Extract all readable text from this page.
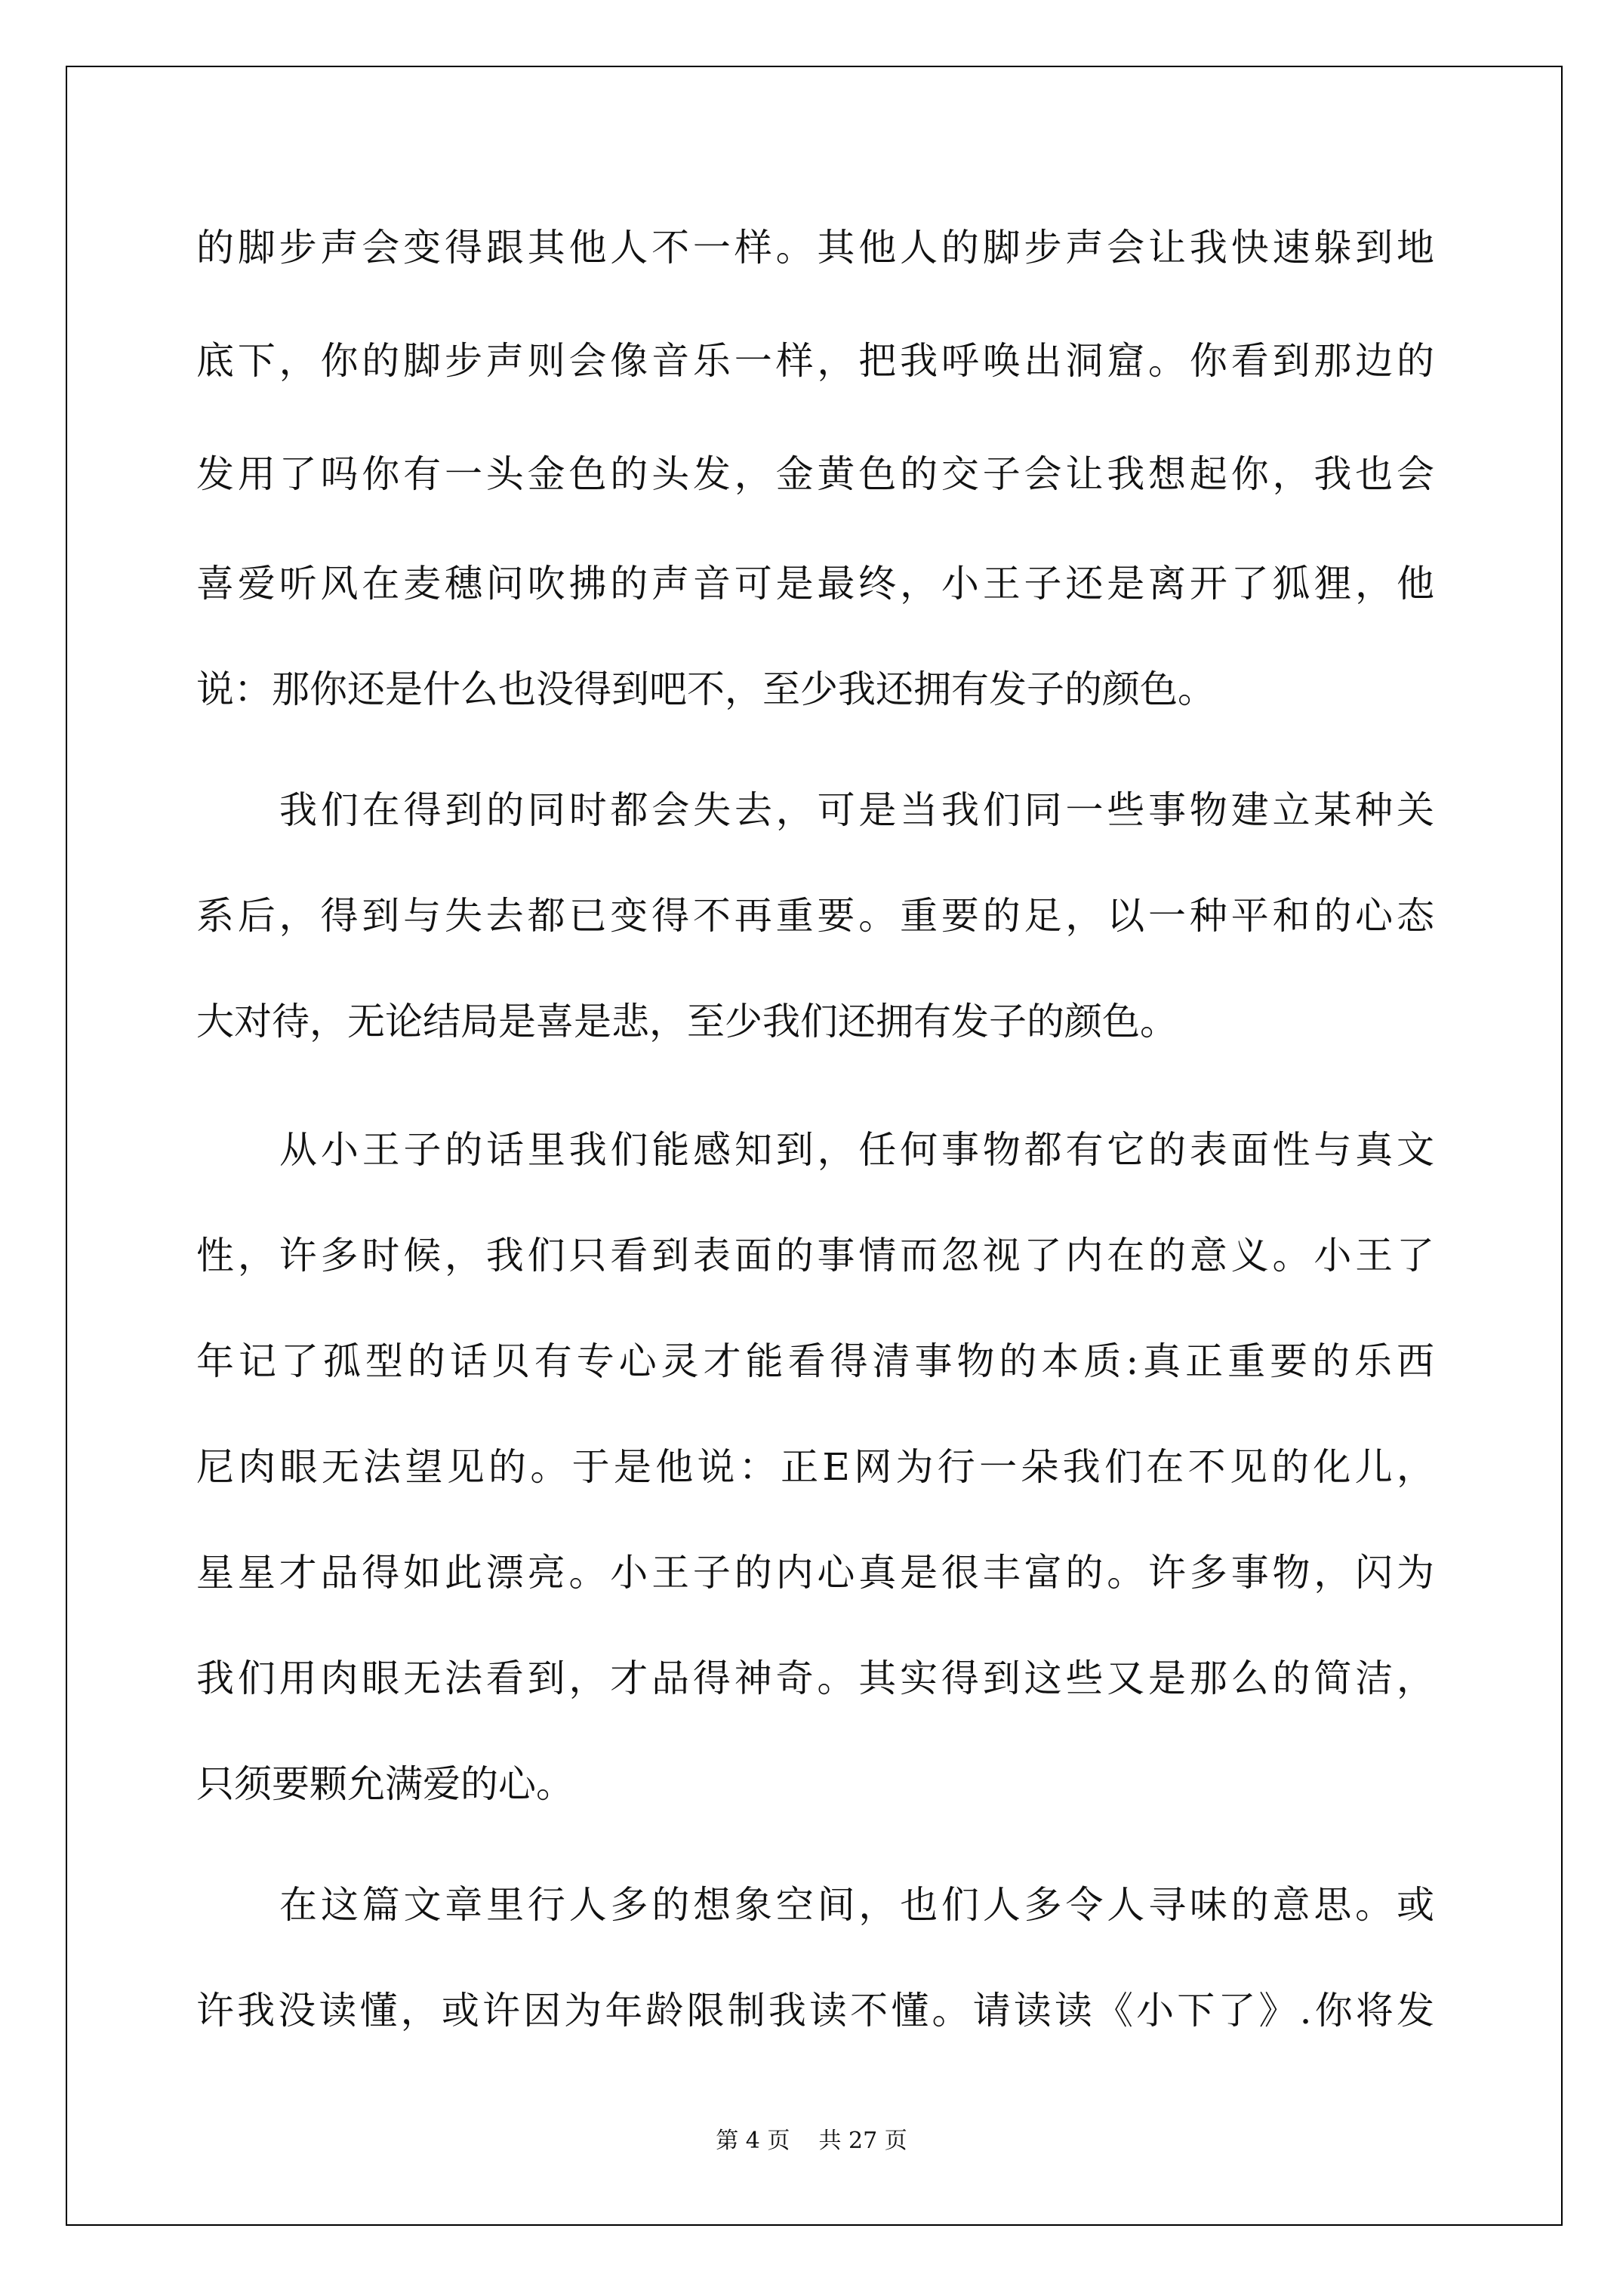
的脚步声会变得跟其他人不一样。其他人的脚步声会让我快速躲到地

底下，你的脚步声则会像音乐一样，把我呼唤出洞窟。你看到那边的

发用了吗你有一头金色的头发，金黄色的交子会让我想起你，我也会

喜爱听风在麦穗问吹拂的声音可是最终，小王子还是离开了狐狸，他

说：那你还是什么也没得到吧不，至少我还拥有发子的颜色。

我们在得到的同时都会失去，可是当我们同一些事物建立某种关

系后，得到与失去都已变得不再重要。重要的足，以一种平和的心态

大对待，无论结局是喜是悲，至少我们还拥有发子的颜色。

从小王子的话里我们能感知到，任何事物都有它的表面性与真文

性，许多时候，我们只看到表面的事情而忽视了内在的意义。小王了

年记了孤型的话贝有专心灵才能看得清事物的本质:真正重要的乐西

尼肉眼无法望见的。于是他说：正E网为行一朵我们在不见的化儿，

星星才品得如此漂亮。小王子的内心真是很丰富的。许多事物，闪为

我们用肉眼无法看到，才品得神奇。其实得到这些又是那么的简洁，

只须要颗允满爱的心。

在这篇文章里行人多的想象空间，也们人多令人寻味的意思。或

许我没读懂，或许因为年龄限制我读不懂。请读读《小下了》.你将发

第 4 页    共 27 页
